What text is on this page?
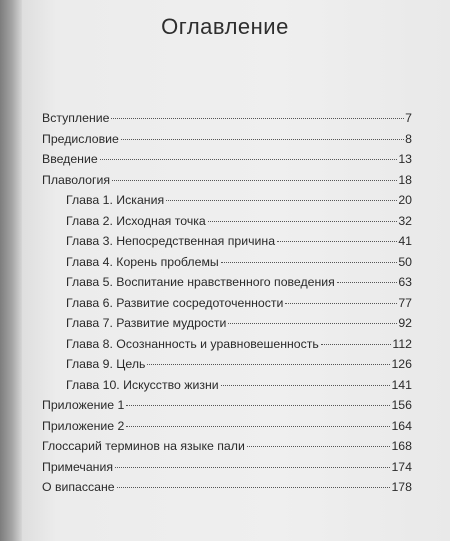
Оглавление
Вступление	7
Предисловие	8
Введение	13
Плавология	18
Глава 1. Искания	20
Глава 2. Исходная точка	32
Глава 3. Непосредственная причина	41
Глава 4. Корень проблемы	50
Глава 5. Воспитание нравственного поведения	63
Глава 6. Развитие сосредоточенности	77
Глава 7. Развитие мудрости	92
Глава 8. Осознанность и уравновешенность	112
Глава 9. Цель	126
Глава 10. Искусство жизни	141
Приложение 1	156
Приложение 2	164
Глоссарий терминов на языке пали	168
Примечания	174
О випассане	178
